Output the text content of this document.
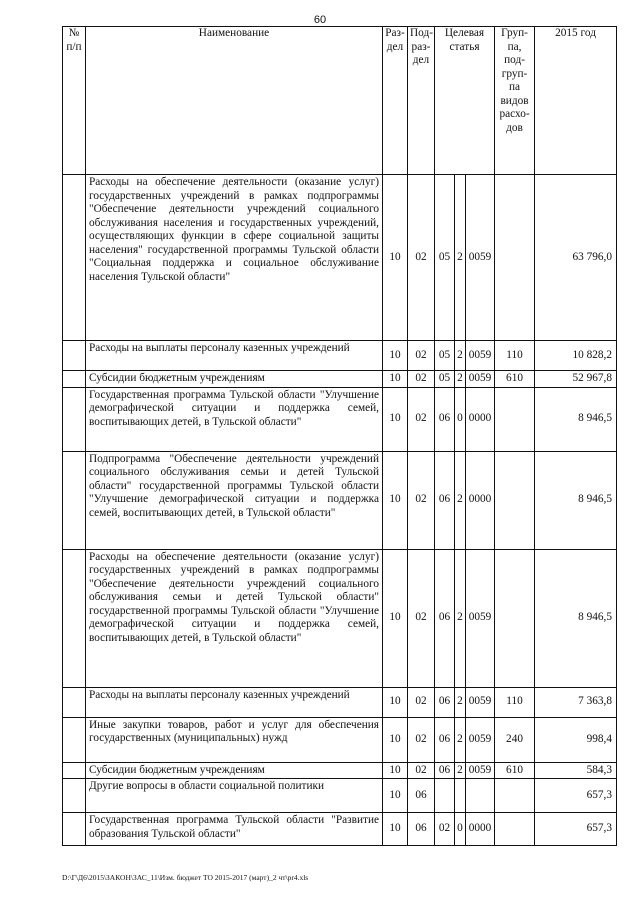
60
№ п/п	Наименование	Раз-дел	Под-раз-дел	Целевая статья			Груп-па, под-груп-па видов расхо-дов	2015 год
	Расходы на обеспечение деятельности (оказание услуг) государственных учреждений в рамках подпрограммы "Обеспечение деятельности учреждений социального обслуживания населения и государственных учреждений, осуществляющих функции в сфере социальной защиты населения" государственной программы Тульской области "Социальная поддержка и социальное обслуживание населения Тульской области"	10	02	05	2	0059		63 796,0
	Расходы на выплаты персоналу казенных учреждений	10	02	05	2	0059	110	10 828,2
	Субсидии бюджетным учреждениям	10	02	05	2	0059	610	52 967,8
	Государственная программа Тульской области "Улучшение демографической ситуации и поддержка семей, воспитывающих детей, в Тульской области"	10	02	06	0	0000		8 946,5
	Подпрограмма "Обеспечение деятельности учреждений социального обслуживания семьи и детей Тульской области" государственной программы Тульской области "Улучшение демографической ситуации и поддержка семей, воспитывающих детей, в Тульской области"	10	02	06	2	0000		8 946,5
	Расходы на обеспечение деятельности (оказание услуг) государственных учреждений в рамках подпрограммы "Обеспечение деятельности учреждений социального обслуживания семьи и детей Тульской области" государственной программы Тульской области "Улучшение демографической ситуации и поддержка семей, воспитывающих детей, в Тульской области"	10	02	06	2	0059		8 946,5
	Расходы на выплаты персоналу казенных учреждений	10	02	06	2	0059	110	7 363,8
	Иные закупки товаров, работ и услуг для обеспечения государственных (муниципальных) нужд	10	02	06	2	0059	240	998,4
	Субсидии бюджетным учреждениям	10	02	06	2	0059	610	584,3
	Другие вопросы в области социальной политики	10	06					657,3
	Государственная программа Тульской области "Развитие образования Тульской области"	10	06	02	0	0000		657,3
D:\Г\Д6\2015\ЗАКОН\ЗАС_11\Изм. бюджет ТО 2015-2017 (март)_2 чт\рr4.xls
